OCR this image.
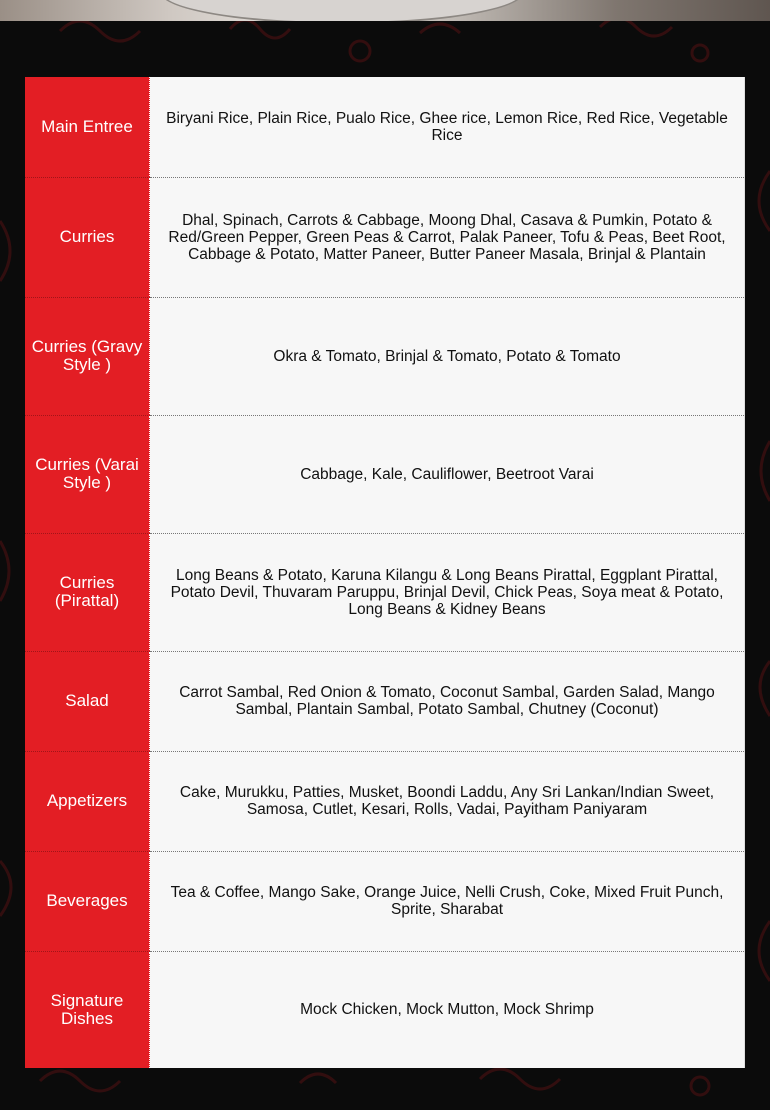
Main Entree	Biryani Rice, Plain Rice, Pualo Rice, Ghee rice, Lemon Rice, Red Rice, Vegetable Rice
Curries	Dhal, Spinach, Carrots & Cabbage, Moong Dhal, Casava & Pumkin, Potato & Red/Green Pepper, Green Peas & Carrot, Palak Paneer, Tofu & Peas, Beet Root, Cabbage & Potato, Matter Paneer, Butter Paneer Masala, Brinjal & Plantain
Curries (Gravy Style )	Okra & Tomato, Brinjal & Tomato, Potato & Tomato
Curries (Varai Style )	Cabbage, Kale, Cauliflower, Beetroot Varai
Curries (Pirattal)	Long Beans & Potato, Karuna Kilangu & Long Beans Pirattal, Eggplant Pirattal, Potato Devil, Thuvaram Paruppu, Brinjal Devil, Chick Peas, Soya meat & Potato, Long Beans & Kidney Beans
Salad	Carrot Sambal, Red Onion & Tomato, Coconut Sambal, Garden Salad, Mango Sambal, Plantain Sambal, Potato Sambal, Chutney (Coconut)
Appetizers	Cake, Murukku, Patties, Musket, Boondi Laddu, Any Sri Lankan/Indian Sweet, Samosa, Cutlet, Kesari, Rolls, Vadai, Payitham Paniyaram
Beverages	Tea & Coffee, Mango Sake, Orange Juice, Nelli Crush, Coke, Mixed Fruit Punch, Sprite, Sharabat
Signature Dishes	Mock Chicken, Mock Mutton, Mock Shrimp
